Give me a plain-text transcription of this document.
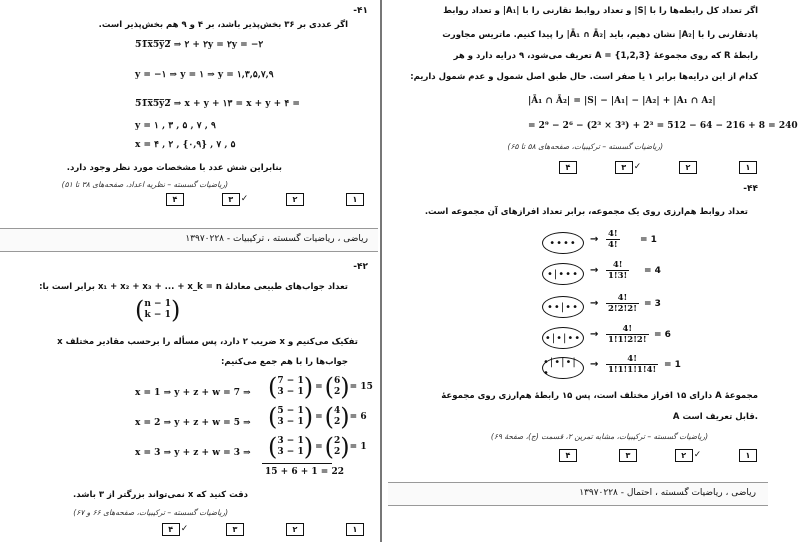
-۴۱
اگر عددی بر ۳۶ بخش‌پذیر باشد، بر ۴ و ۹ هم بخش‌پذیر است.
5̅1̅x̅5̅y̅2̅ ⇒ ۲ + ۲y = ۲y = −۲
y = −۱ ⇒ y = ۱ ⇒ y = ۱,۳,۵,۷,۹
5̅1̅x̅5̅y̅2̅ ⇒ x + y + ۱۳ = x + y + ۴ =
y = ۱ , ۳ , ۵ , ۷ , ۹
x = ۴ , ۲ , {۰,۹} , ۷ , ۵
بنابراین شش عدد با مشخصات مورد نظر وجود دارد.
(ریاضیات گسسته – نظریه اعداد، صفحه‌های ۳۸ تا ۵۱)
۴	۳ ✓	۲	۱
ریاضی ، ریاضیات گسسته ، ترکیبیات - ۱۳۹۷۰۲۲۸
-۴۲
تعداد جواب‌های طبیعی معادلهٔ x₁ + x₂ + x₃ + ... + x_k = n برابر است با:
( n − 1
k − 1 )
x ضریب ۲ دارد، پس مسأله را برحسب مقادیر مختلف x تفکیک می‌کنیم و
جواب‌ها را با هم جمع می‌کنیم:
x = 1 ⇒ y + z + w = 7 ⇒ ( 7 − 1
3 − 1 ) = ( 6
2 ) = 15
x = 2 ⇒ y + z + w = 5 ⇒ ( 5 − 1
3 − 1 ) = ( 4
2 ) = 6
x = 3 ⇒ y + z + w = 3 ⇒ ( 3 − 1
3 − 1 ) = ( 2
2 ) = 1
15 + 6 + 1 = 22
دقت کنید که x نمی‌تواند بزرگتر از ۳ باشد.
(ریاضیات گسسته – ترکیبیات، صفحه‌های ۶۶ و ۶۷)
۴ ✓	۳	۲	۱
اگر تعداد کل رابطه‌ها را با |S| و تعداد روابط تقارنی را با |A₁| و تعداد روابط
پادتقارنی را با |A₂| نشان دهیم، باید |Ā₁ ∩ Ā₂| را پیدا کنیم. ماتریس مجاورت
رابطهٔ R که روی مجموعهٔ A = {1,2,3} تعریف می‌شود، ۹ درایه دارد و هر
کدام از این درایه‌ها برابر ۱ یا صفر است. حال طبق اصل شمول و عدم شمول داریم:
|Ā₁ ∩ Ā₂| = |S| − |A₁| − |A₂| + |A₁ ∩ A₂|
= 2⁹ − 2⁶ − (2³ × 3³) + 2³ = 512 − 64 − 216 + 8 = 240
(ریاضیات گسسته – ترکیبیات، صفحه‌های ۵۸ تا ۶۵)
۴	۳ ✓	۲	۱
-۴۴
تعداد روابط هم‌ارزی روی یک مجموعه، برابر تعداد افرازهای آن مجموعه است.
•••• → $\frac{4!}{4!} = 1$
•|••• → $\frac{4!}{1!3!} = 4$
••|•• → $\frac{4!}{2!2!2!} = 3$
•|•|•• → $\frac{4!}{1!1!2!2!} = 6$
•|•|•|•
→ $\frac{4!}{1!1!1!1!4!} = 1$
مجموعهٔ A دارای ۱۵ افراز مختلف است، پس ۱۵ رابطهٔ هم‌ارزی روی مجموعهٔ
A قابل تعریف است.
(ریاضیات گسسته – ترکیبیات، مشابه تمرین ۲، قسمت (ج)، صفحهٔ ۶۹)
۴	۳	۲ ✓	۱
ریاضی ، ریاضیات گسسته ، احتمال - ۱۳۹۷۰۲۲۸
